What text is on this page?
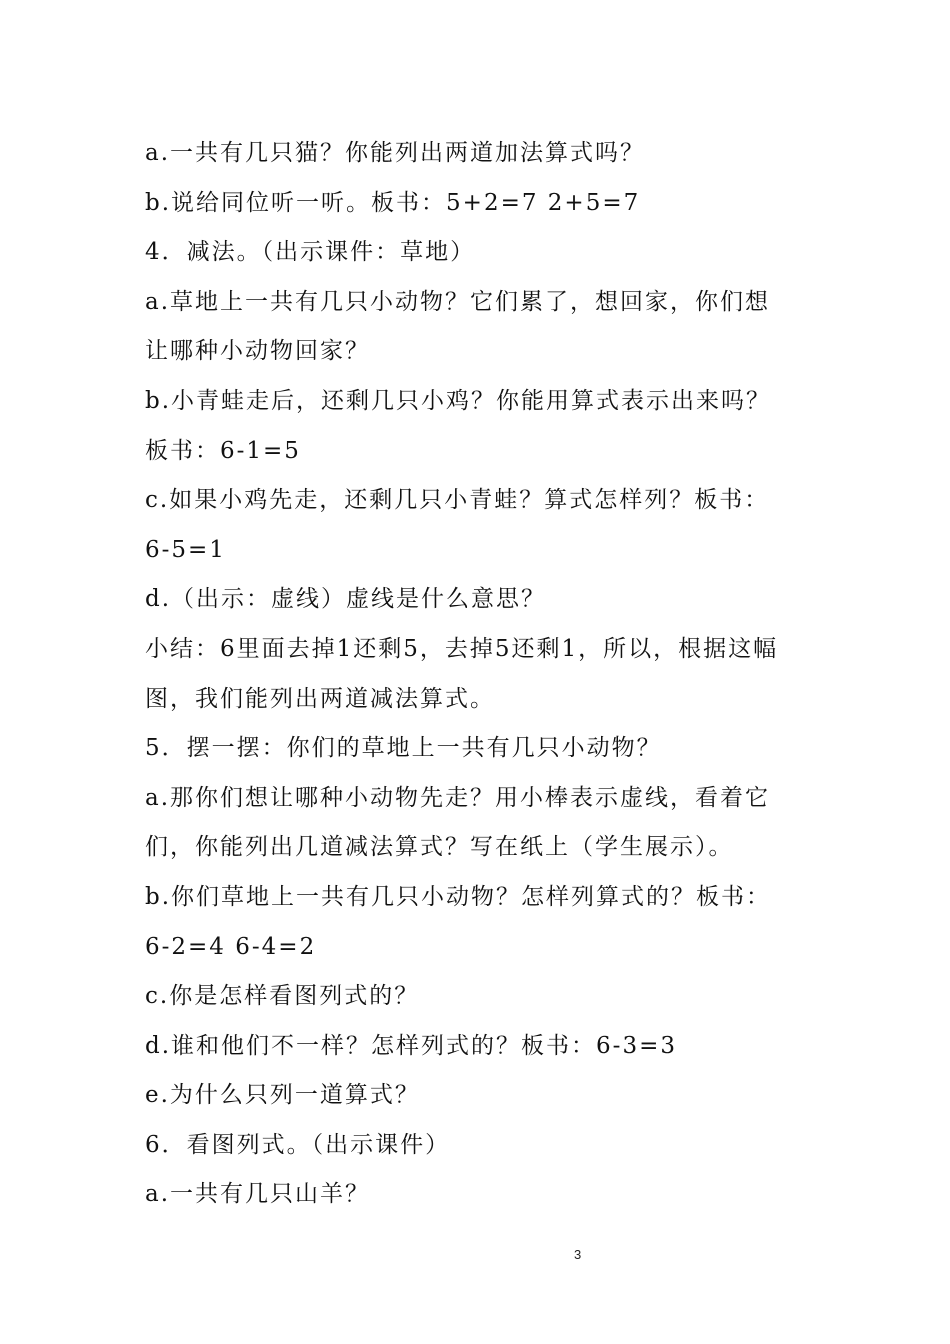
a.一共有几只猫？你能列出两道加法算式吗？
b.说给同位听一听。板书：5+2=7 2+5=7
4．减法。（出示课件：草地）
a.草地上一共有几只小动物？它们累了，想回家，你们想
让哪种小动物回家？
b.小青蛙走后，还剩几只小鸡？你能用算式表示出来吗？
板书：6-1=5
c.如果小鸡先走，还剩几只小青蛙？算式怎样列？板书：
6-5=1
d.（出示：虚线）虚线是什么意思？
小结：6里面去掉1还剩5，去掉5还剩1，所以，根据这幅
图，我们能列出两道减法算式。
5．摆一摆：你们的草地上一共有几只小动物？
a.那你们想让哪种小动物先走？用小棒表示虚线，看着它
们，你能列出几道减法算式？写在纸上（学生展示）。
b.你们草地上一共有几只小动物？怎样列算式的？板书：
6-2=4 6-4=2
c.你是怎样看图列式的？
d.谁和他们不一样？怎样列式的？板书：6-3=3
e.为什么只列一道算式？
6．看图列式。（出示课件）
a.一共有几只山羊？
3
